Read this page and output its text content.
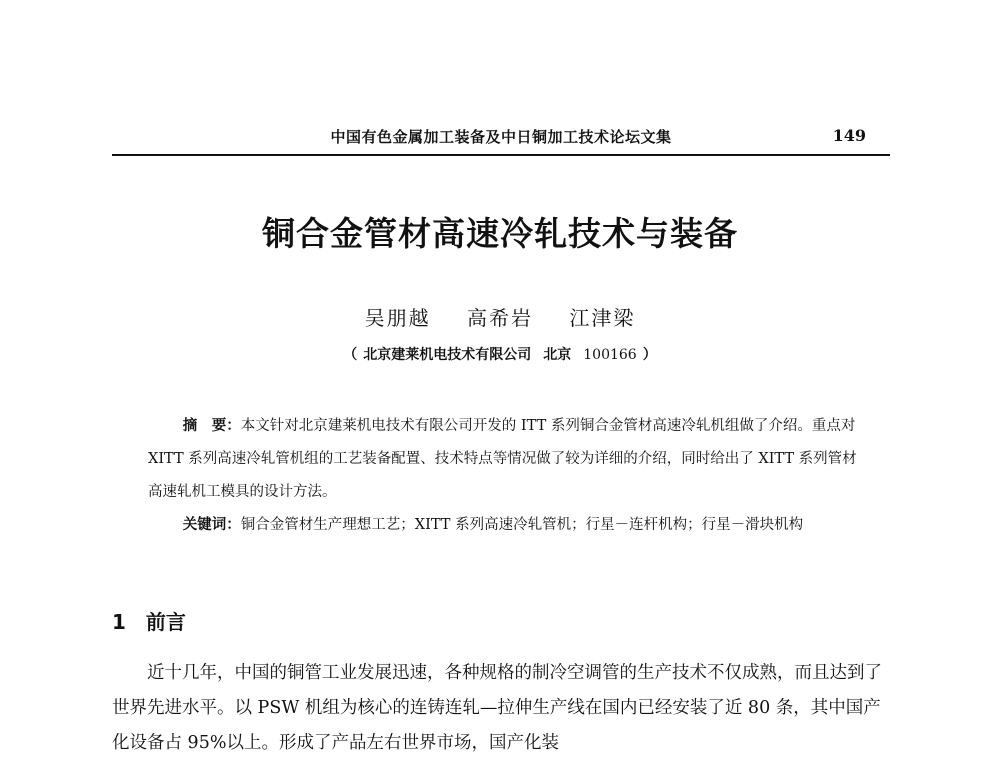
中国有色金属加工装备及中日铜加工技术论坛文集	149
铜合金管材高速冷轧技术与装备
吴朋越 高希岩 江津梁
（ 北京建莱机电技术有限公司 北京 100166 ）

摘　要：本文针对北京建莱机电技术有限公司开发的 ITT 系列铜合金管材高速冷轧机组做了介绍。重点对 XITT 系列高速冷轧管机组的工艺装备配置、技术特点等情况做了较为详细的介绍，同时给出了 XITT 系列管材高速轧机工模具的设计方法。

关键词：铜合金管材生产理想工艺；XITT 系列高速冷轧管机；行星－连杆机构；行星－滑块机构

1 前言

近十几年，中国的铜管工业发展迅速，各种规格的制冷空调管的生产技术不仅成熟，而且达到了世界先进水平。以 PSW 机组为核心的连铸连轧—拉伸生产线在国内已经安装了近 80 条，其中国产化设备占 95%以上。形成了产品左右世界市场，国产化装
